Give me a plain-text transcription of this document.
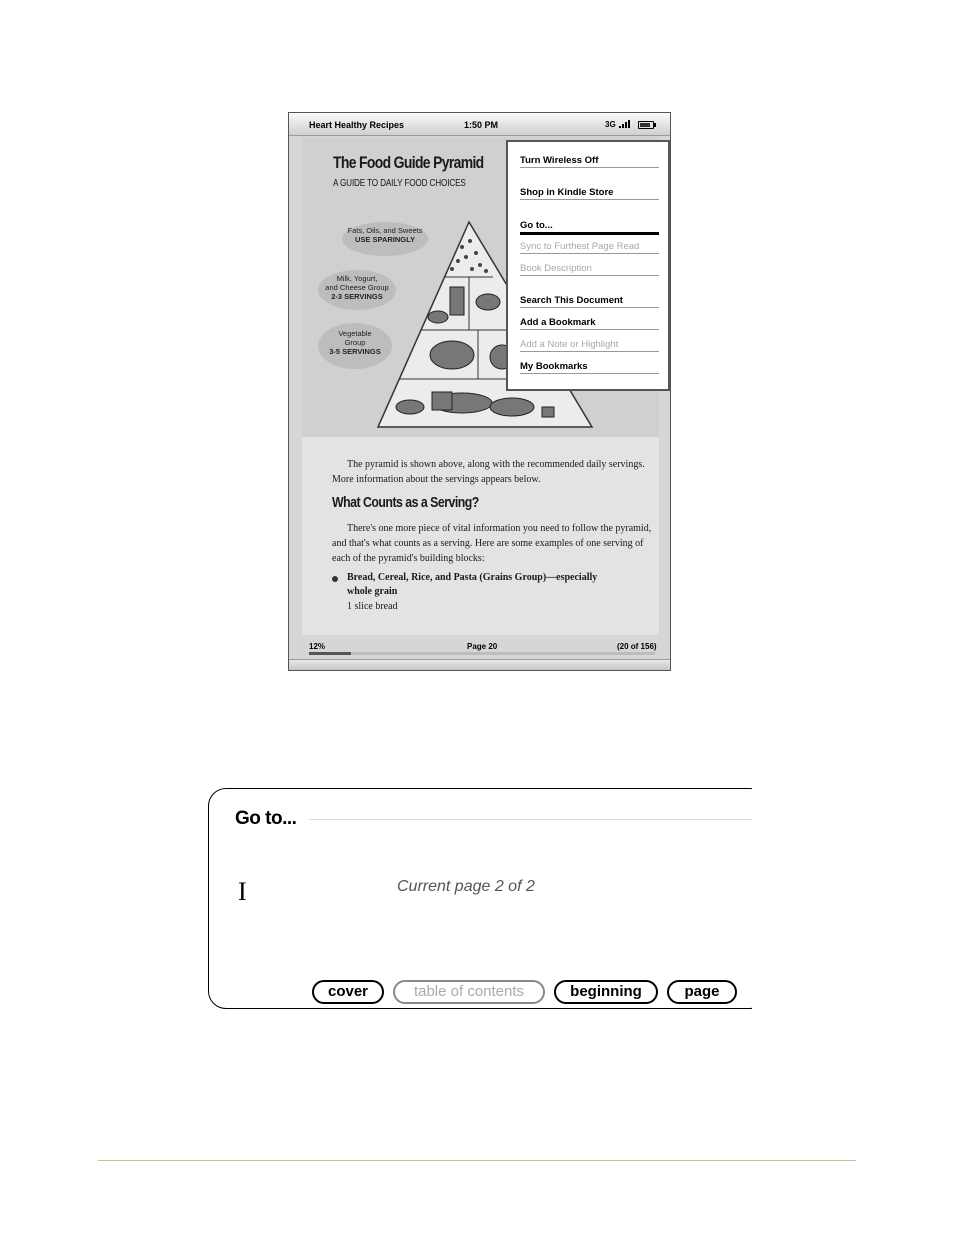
Heart Healthy Recipes	1:50 PM	3G
The Food Guide Pyramid
A GUIDE TO DAILY FOOD CHOICES
Fats, Oils, and Sweets
USE SPARINGLY
Milk, Yogurt,
and Cheese Group
2-3 SERVINGS
Vegetable
Group
3-5 SERVINGS
The pyramid is shown above, along with the recommended daily servings. More information about the servings appears below.
What Counts as a Serving?
There's one more piece of vital information you need to follow the pyramid, and that's what counts as a serving. Here are some examples of one serving of each of the pyramid's building blocks:
Bread, Cereal, Rice, and Pasta (Grains Group)—especially whole grain
1 slice bread
12%	Page 20	(20 of 156)
Turn Wireless Off
Shop in Kindle Store
Go to...
Sync to Furthest Page Read
Book Description
Search This Document
Add a Bookmark
Add a Note or Highlight
My Bookmarks
Go to...
I	Current page 2 of 2
cover	table of contents	beginning	page
